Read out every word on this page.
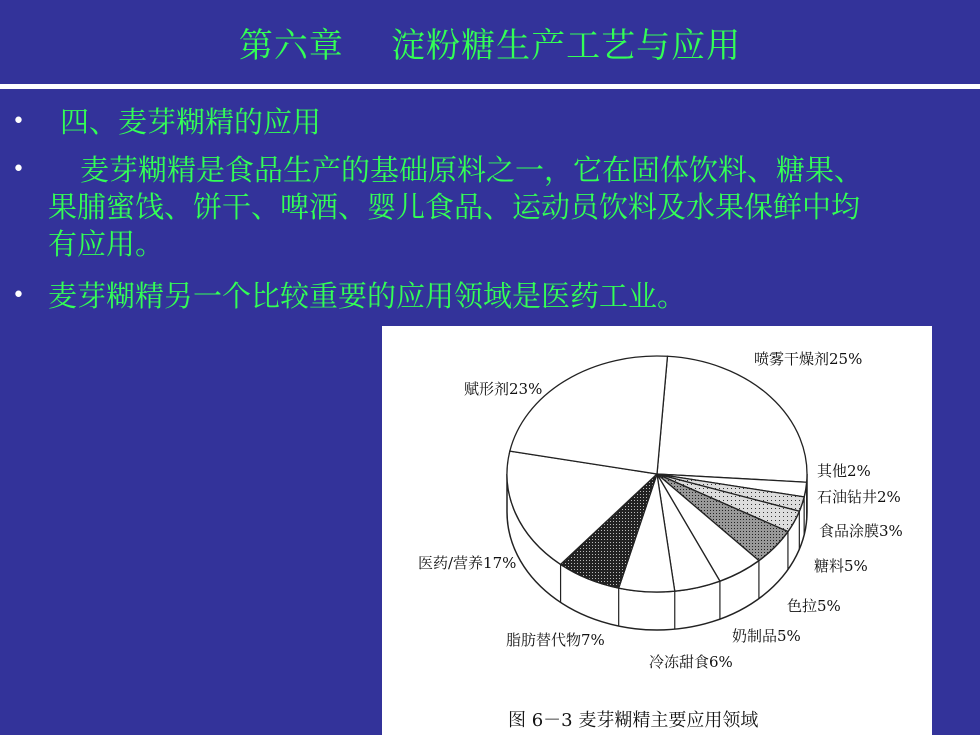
第六章    淀粉糖生产工艺与应用
• 四、麦芽糊精的应用
• 麦芽糊精是食品生产的基础原料之一，它在固体饮料、糖果、
果脯蜜饯、饼干、啤酒、婴儿食品、运动员饮料及水果保鲜中均
有应用。
• 麦芽糊精另一个比较重要的应用领域是医药工业。
喷雾干燥剂25%
其他2%
石油钻井2%
食品涂膜3%
糖料5%
色拉5%
奶制品5%
冷冻甜食6%
脂肪替代物7%
医药/营养17%
赋形剂23%
图 6－3 麦芽糊精主要应用领域
